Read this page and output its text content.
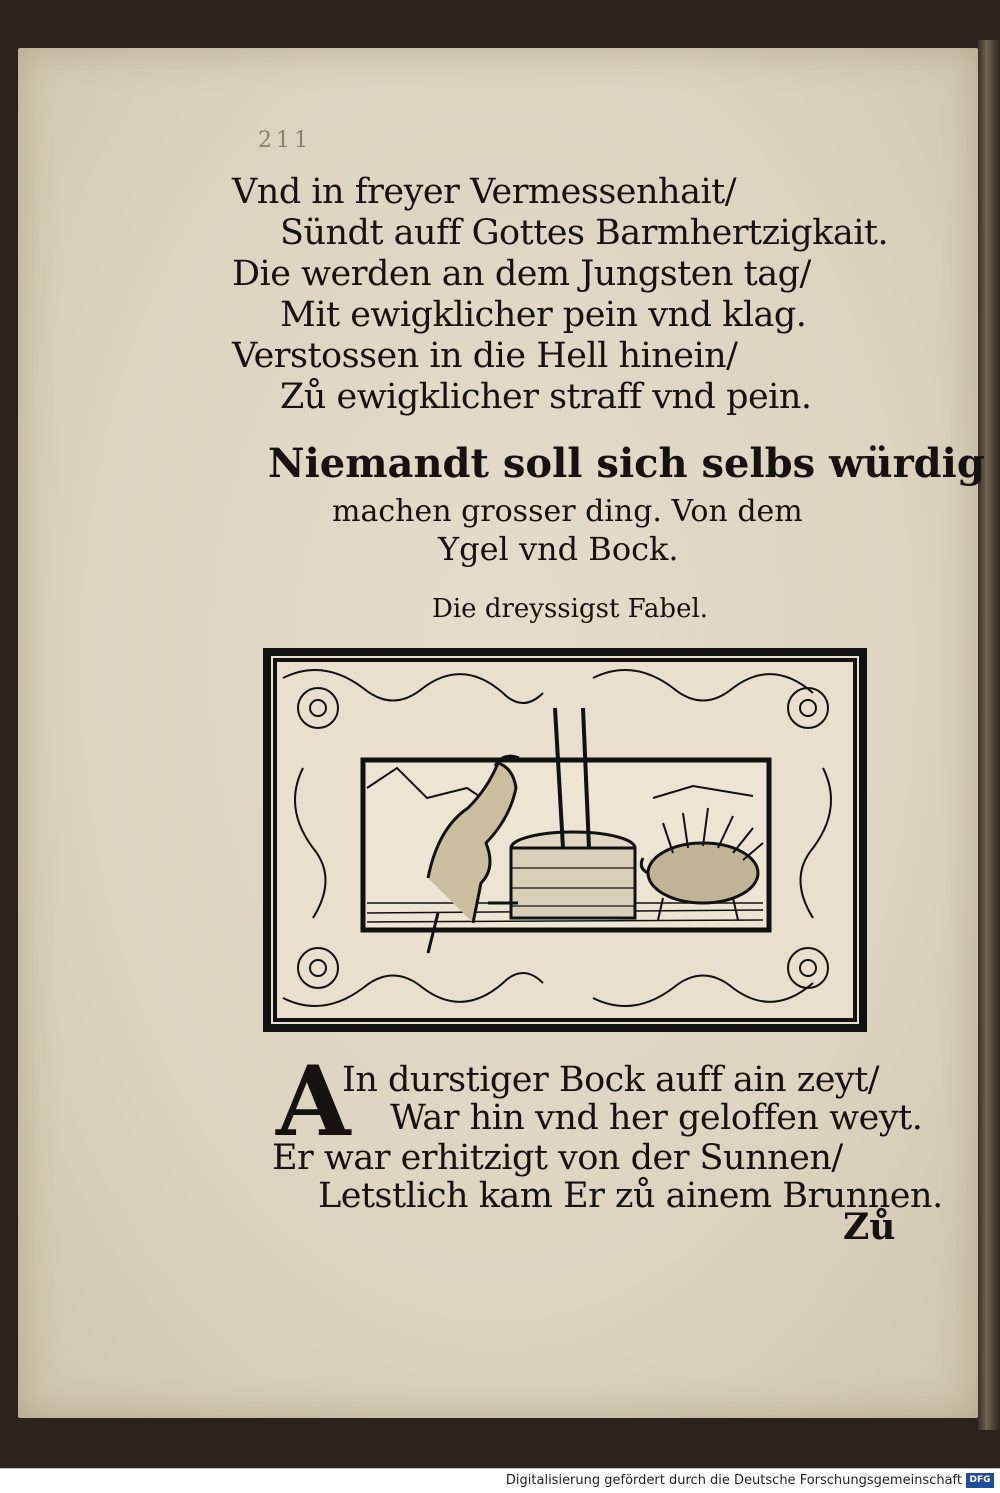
211

Vnd in freyer Vermessenhait/

Sündt auff Gottes Barmhertzigkait.

Die werden an dem Jungsten tag/

Mit ewigklicher pein vnd klag.

Verstossen in die Hell hinein/

Zů ewigklicher straff vnd pein.

Niemandt soll sich selbs würdig

machen grosser ding. Von dem

Ygel vnd Bock.

Die dreyssigst Fabel.

A

In durstiger Bock auff ain zeyt/

War hin vnd her geloffen weyt.

Er war erhitzigt von der Sunnen/

Letstlich kam Er zů ainem Brunnen.

Zů
Digitalisierung gefördert durch die Deutsche Forschungsgemeinschaft DFG
